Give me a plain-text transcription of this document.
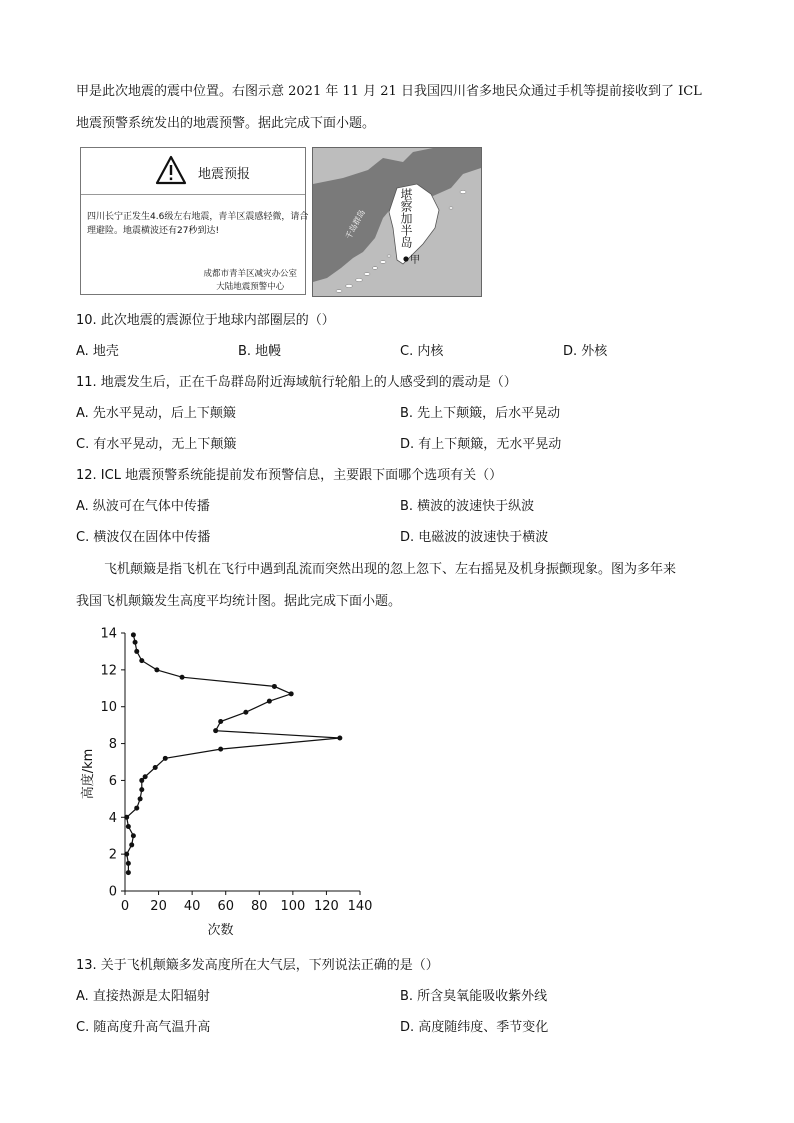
甲是此次地震的震中位置。右图示意 2021 年 11 月 21 日我国四川省多地民众通过手机等提前接收到了 ICL
地震预警系统发出的地震预警。据此完成下面小题。
地震预报
四川长宁正发生4.6级左右地震，青羊区震感轻微，请合
理避险。地震横波还有27秒到达!
成都市青羊区减灾办公室
大陆地震预警中心
堪察加半岛
千岛群岛
甲
10. 此次地震的震源位于地球内部圈层的（）
A. 地壳	B. 地幔	C. 内核	D. 外核
11. 地震发生后，正在千岛群岛附近海域航行轮船上的人感受到的震动是（）
A. 先水平晃动，后上下颠簸	B. 先上下颠簸，后水平晃动
C. 有水平晃动，无上下颠簸	D. 有上下颠簸，无水平晃动
12. ICL 地震预警系统能提前发布预警信息，主要跟下面哪个选项有关（）
A. 纵波可在气体中传播	B. 横波的波速快于纵波
C. 横波仅在固体中传播	D. 电磁波的波速快于横波
飞机颠簸是指飞机在飞行中遇到乱流而突然出现的忽上忽下、左右摇晃及机身振颤现象。图为多年来
我国飞机颠簸发生高度平均统计图。据此完成下面小题。
0 20 40 60 80 100 120 140
0
2
4
6
8
10
12
14
次数
高度/km
13. 关于飞机颠簸多发高度所在大气层，下列说法正确的是（）
A. 直接热源是太阳辐射	B. 所含臭氧能吸收紫外线
C. 随高度升高气温升高	D. 高度随纬度、季节变化
